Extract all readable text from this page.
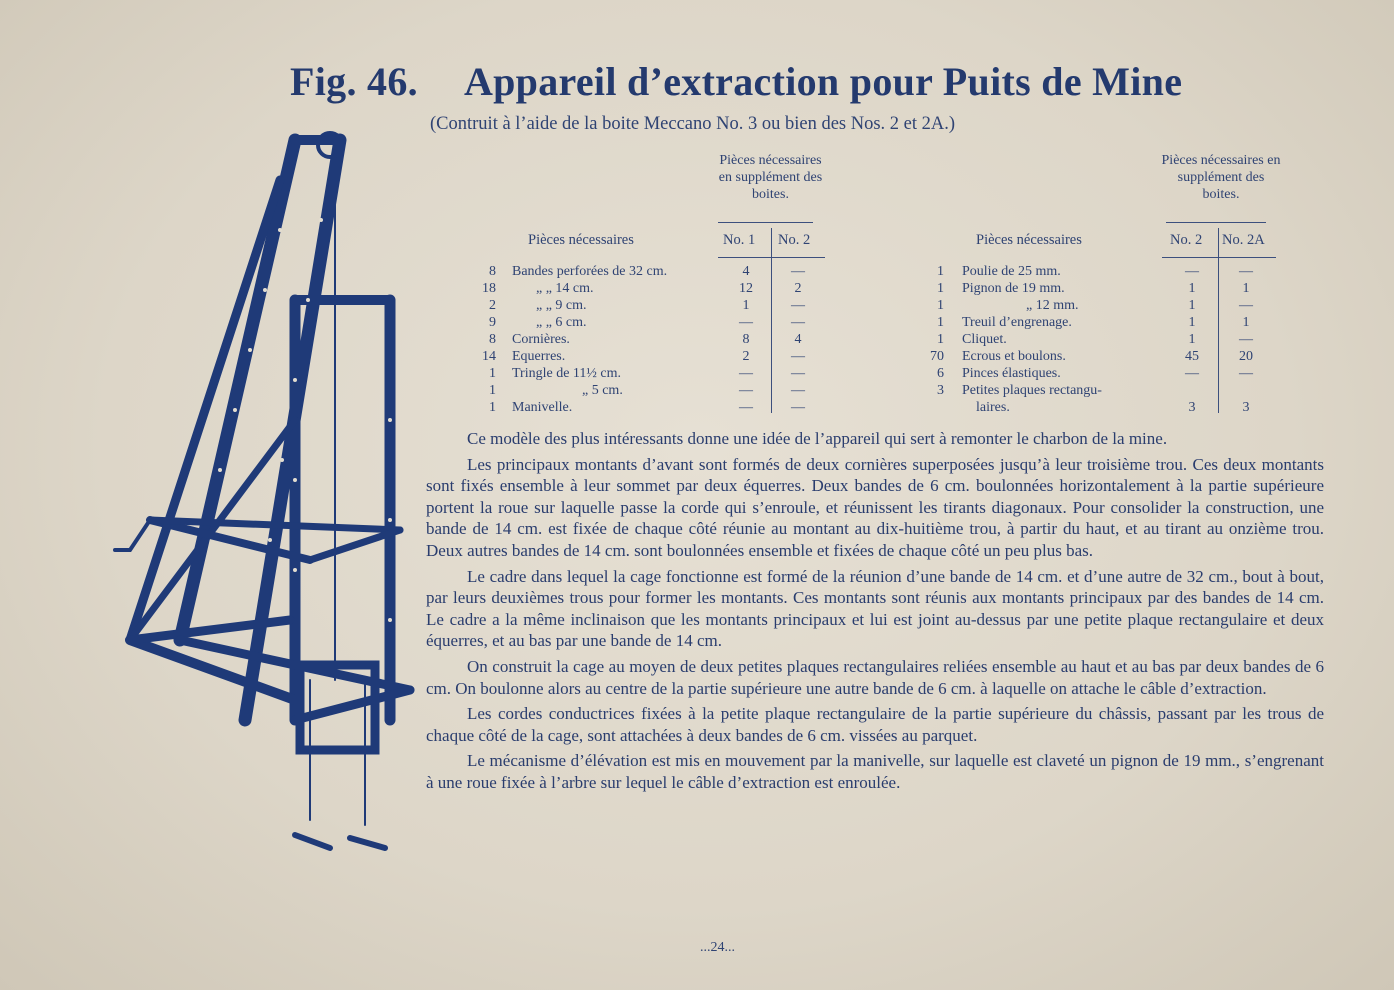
Fig. 46. Appareil d’extraction pour Puits de Mine
(Contruit à l’aide de la boite Meccano No. 3 ou bien des Nos. 2 et 2A.)
Pièces nécessaires en supplément des boites.
Pièces nécessaires	No. 1 No. 2
8 Bandes perforées de 32 cm.	4	—
18	„ „ 14 cm.	12	2
2	„ „ 9 cm.	1	—
9	„ „ 6 cm.	—	—
8 Cornières.	8	4
14 Equerres.	2	—
1 Tringle de 11½ cm.	—	—
1	„ 5 cm.	—	—
1 Manivelle.	—	—
Pièces nécessaires en supplément des boites.
Pièces nécessaires	No. 2 No. 2A
1 Poulie de 25 mm.	—	—
1 Pignon de 19 mm.	1	1
1	„ 12 mm.	1	—
1 Treuil d’engrenage.	1	1
1 Cliquet.	1	—
70 Ecrous et boulons.	45	20
6 Pinces élastiques.	—	—
3 Petites plaques rectangu-
laires.	3	3

Ce modèle des plus intéressants donne une idée de l’appareil qui sert à remonter le charbon de la mine.

Les principaux montants d’avant sont formés de deux cornières superposées jusqu’à leur troisième trou. Ces deux montants sont fixés ensemble à leur sommet par deux équerres. Deux bandes de 6 cm. boulonnées horizontalement à la partie supérieure portent la roue sur laquelle passe la corde qui s’enroule, et réunissent les tirants diagonaux. Pour consolider la construction, une bande de 14 cm. est fixée de chaque côté réunie au montant au dix-huitième trou, à partir du haut, et au tirant au onzième trou. Deux autres bandes de 14 cm. sont boulonnées ensemble et fixées de chaque côté un peu plus bas.

Le cadre dans lequel la cage fonctionne est formé de la réunion d’une bande de 14 cm. et d’une autre de 32 cm., bout à bout, par leurs deuxièmes trous pour former les montants. Ces montants sont réunis aux montants principaux par des bandes de 14 cm. Le cadre a la même inclinaison que les montants principaux et lui est joint au-dessus par une petite plaque rectangulaire et deux équerres, et au bas par une bande de 14 cm.

On construit la cage au moyen de deux petites plaques rectangulaires reliées ensemble au haut et au bas par deux bandes de 6 cm. On boulonne alors au centre de la partie supérieure une autre bande de 6 cm. à laquelle on attache le câble d’extraction.

Les cordes conductrices fixées à la petite plaque rectangulaire de la partie supérieure du châssis, passant par les trous de chaque côté de la cage, sont attachées à deux bandes de 6 cm. vissées au parquet.

Le mécanisme d’élévation est mis en mouvement par la manivelle, sur laquelle est claveté un pignon de 19 mm., s’engrenant à une roue fixée à l’arbre sur lequel le câble d’extraction est enroulée.

...24...
